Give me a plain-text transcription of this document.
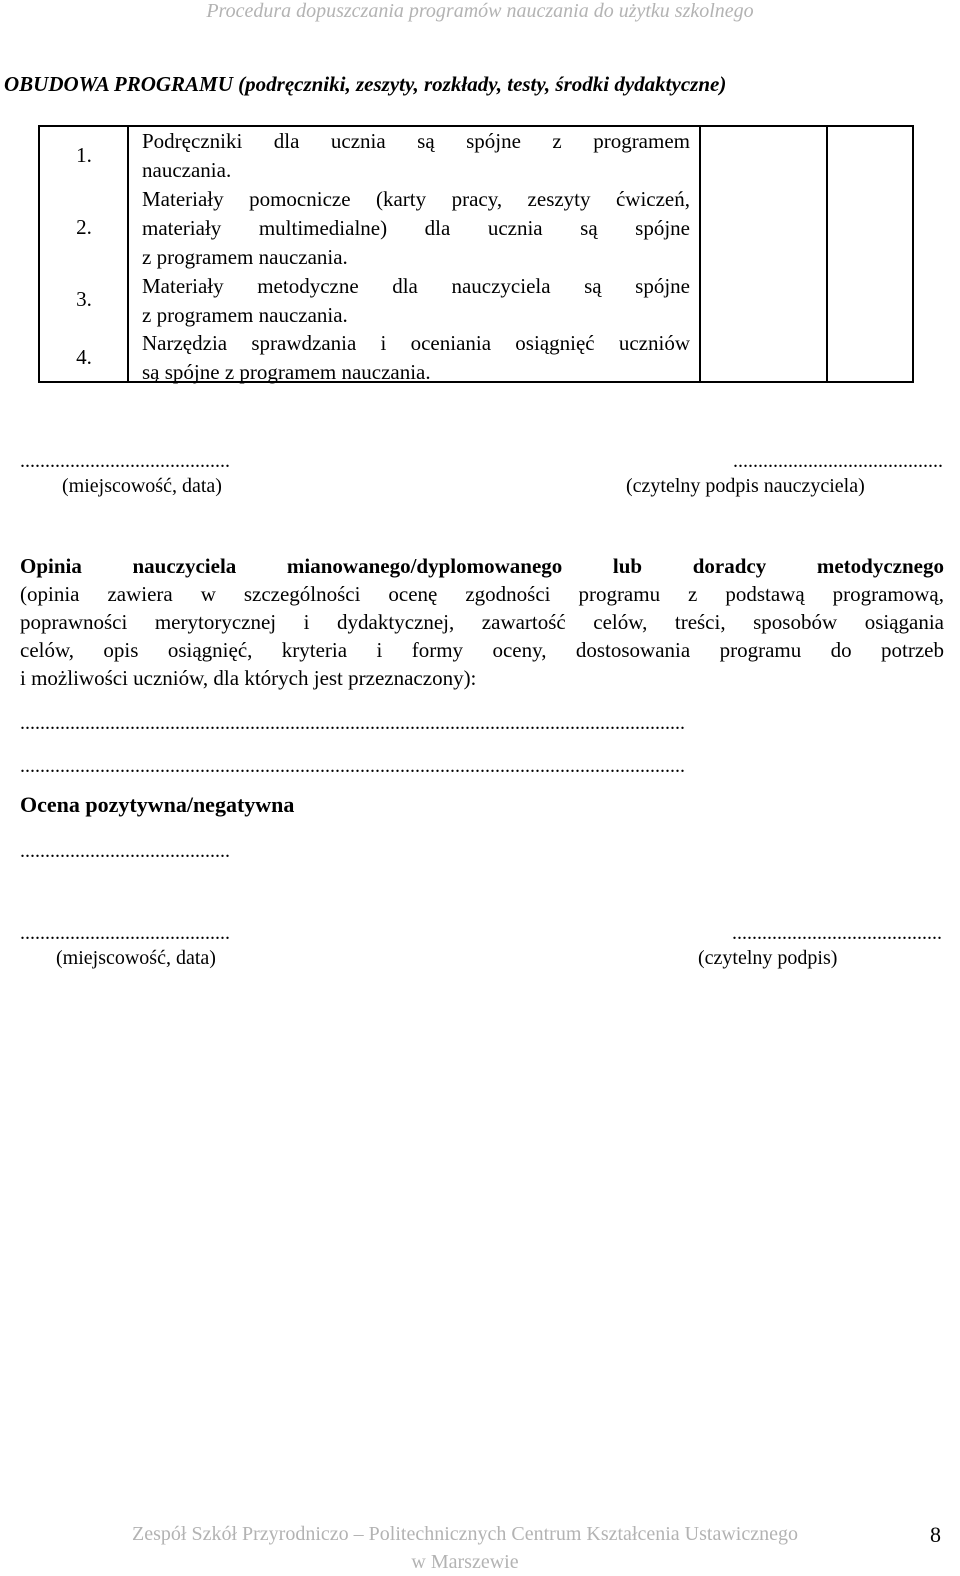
Procedura dopuszczania programów nauczania do użytku szkolnego
OBUDOWA PROGRAMU (podręczniki, zeszyty, rozkłady, testy, środki dydaktyczne)
1.
2.
3.
4.
Podręczniki dla ucznia są spójne z programem
nauczania.
Materiały pomocnicze (karty pracy, zeszyty ćwiczeń,
materiały multimedialne) dla ucznia są spójne
z programem nauczania.
Materiały metodyczne dla nauczyciela są spójne
z programem nauczania.
Narzędzia sprawdzania i oceniania osiągnięć uczniów
są spójne z programem nauczania.
..........................................
(miejscowość, data)
..........................................
(czytelny podpis nauczyciela)
Opinia nauczyciela mianowanego/dyplomowanego lub doradcy metodycznego
(opinia zawiera w szczególności ocenę zgodności programu z podstawą programową,
poprawności merytorycznej i dydaktycznej, zawartość celów, treści, sposobów osiągania
celów, opis osiągnięć, kryteria i formy oceny, dostosowania programu do potrzeb
i możliwości uczniów, dla których jest przeznaczony):
.....................................................................................................................................
.....................................................................................................................................
Ocena pozytywna/negatywna
..........................................
..........................................
(miejscowość, data)
..........................................
(czytelny podpis)
Zespół Szkół Przyrodniczo – Politechnicznych Centrum Kształcenia Ustawicznego
w Marszewie
8
